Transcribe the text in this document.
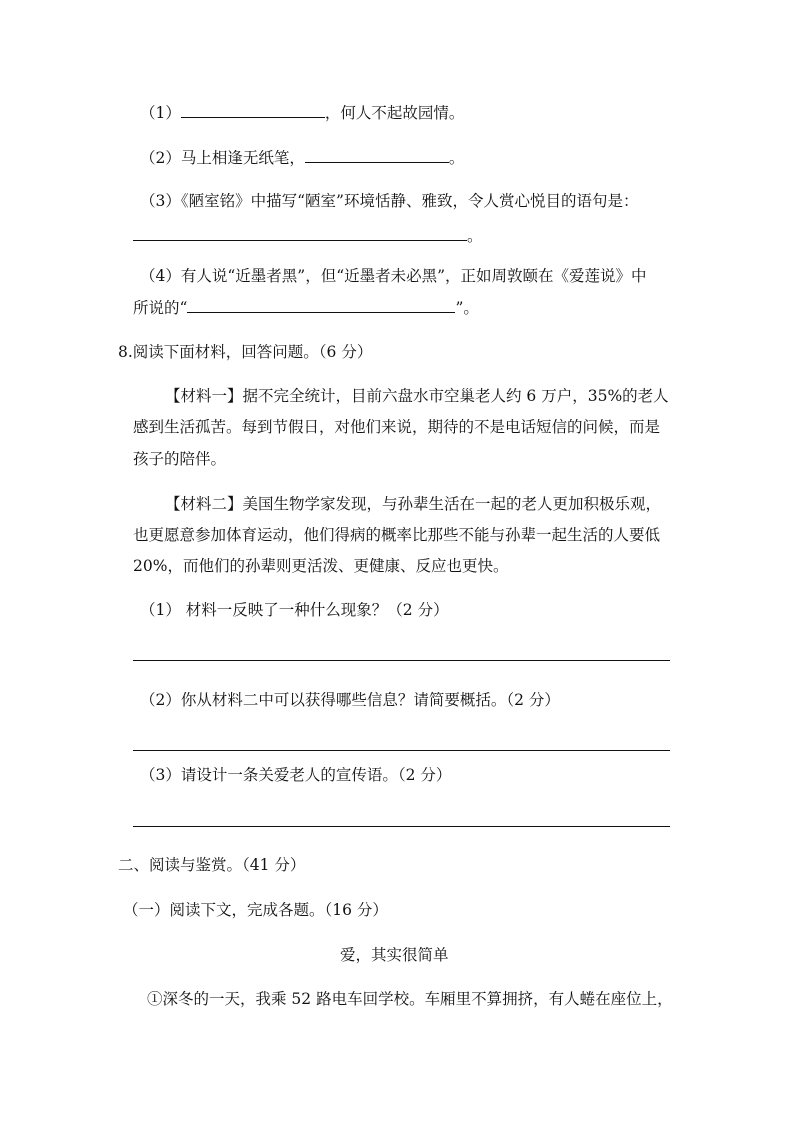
（1）	，何人不起故园情。
（2）马上相逢无纸笔，	。
（3）《陋室铭》中描写“陋室”环境恬静、雅致，令人赏心悦目的语句是：
。
（4）有人说“近墨者黑”，但“近墨者未必黑”，正如周敦颐在《爱莲说》中
所说的“	”。
8.阅读下面材料，回答问题。（6 分）
【材料一】据不完全统计，目前六盘水市空巢老人约 6 万户，35%的老人
感到生活孤苦。每到节假日，对他们来说，期待的不是电话短信的问候，而是
孩子的陪伴。
【材料二】美国生物学家发现，与孙辈生活在一起的老人更加积极乐观，
也更愿意参加体育运动，他们得病的概率比那些不能与孙辈一起生活的人要低
20%，而他们的孙辈则更活泼、更健康、反应也更快。
（1） 材料一反映了一种什么现象？（2 分）
（2）你从材料二中可以获得哪些信息？请简要概括。（2 分）
（3）请设计一条关爱老人的宣传语。（2 分）
二、阅读与鉴赏。（41 分）
（一）阅读下文，完成各题。（16 分）
爱，其实很简单
①深冬的一天，我乘 52 路电车回学校。车厢里不算拥挤，有人蜷在座位上，
